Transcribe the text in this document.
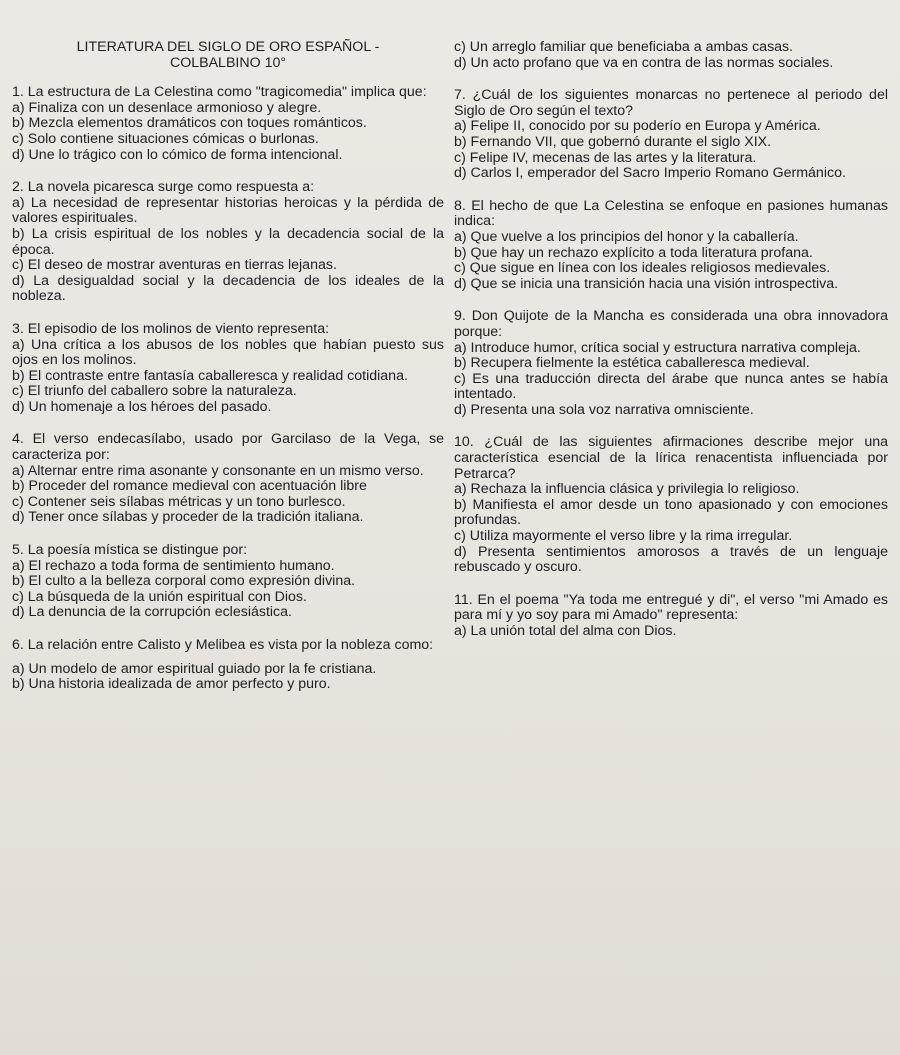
LITERATURA DEL SIGLO DE ORO ESPAÑOL -
COLBALBINO 10°
1. La estructura de La Celestina como "tragicomedia" implica que:
a) Finaliza con un desenlace armonioso y alegre.
b) Mezcla elementos dramáticos con toques románticos.
c) Solo contiene situaciones cómicas o burlonas.
d) Une lo trágico con lo cómico de forma intencional.
2. La novela picaresca surge como respuesta a:
a) La necesidad de representar historias heroicas y la pérdida de valores espirituales.
b) La crisis espiritual de los nobles y la decadencia social de la época.
c) El deseo de mostrar aventuras en tierras lejanas.
d) La desigualdad social y la decadencia de los ideales de la nobleza.
3. El episodio de los molinos de viento representa:
a) Una crítica a los abusos de los nobles que habían puesto sus ojos en los molinos.
b) El contraste entre fantasía caballeresca y realidad cotidiana.
c) El triunfo del caballero sobre la naturaleza.
d) Un homenaje a los héroes del pasado.
4. El verso endecasílabo, usado por Garcilaso de la Vega, se caracteriza por:
a) Alternar entre rima asonante y consonante en un mismo verso.
b) Proceder del romance medieval con acentuación libre
c) Contener seis sílabas métricas y un tono burlesco.
d) Tener once sílabas y proceder de la tradición italiana.
5. La poesía mística se distingue por:
a) El rechazo a toda forma de sentimiento humano.
b) El culto a la belleza corporal como expresión divina.
c) La búsqueda de la unión espiritual con Dios.
d) La denuncia de la corrupción eclesiástica.
6. La relación entre Calisto y Melibea es vista por la nobleza como:
a) Un modelo de amor espiritual guiado por la fe cristiana.
b) Una historia idealizada de amor perfecto y puro.
c) Un arreglo familiar que beneficiaba a ambas casas.
d) Un acto profano que va en contra de las normas sociales.
7. ¿Cuál de los siguientes monarcas no pertenece al periodo del Siglo de Oro según el texto?
a) Felipe II, conocido por su poderío en Europa y América.
b) Fernando VII, que gobernó durante el siglo XIX.
c) Felipe IV, mecenas de las artes y la literatura.
d) Carlos I, emperador del Sacro Imperio Romano Germánico.
8. El hecho de que La Celestina se enfoque en pasiones humanas indica:
a) Que vuelve a los principios del honor y la caballería.
b) Que hay un rechazo explícito a toda literatura profana.
c) Que sigue en línea con los ideales religiosos medievales.
d) Que se inicia una transición hacia una visión introspectiva.
9. Don Quijote de la Mancha es considerada una obra innovadora porque:
a) Introduce humor, crítica social y estructura narrativa compleja.
b) Recupera fielmente la estética caballeresca medieval.
c) Es una traducción directa del árabe que nunca antes se había intentado.
d) Presenta una sola voz narrativa omnisciente.
10. ¿Cuál de las siguientes afirmaciones describe mejor una característica esencial de la lírica renacentista influenciada por Petrarca?
a) Rechaza la influencia clásica y privilegia lo religioso.
b) Manifiesta el amor desde un tono apasionado y con emociones profundas.
c) Utiliza mayormente el verso libre y la rima irregular.
d) Presenta sentimientos amorosos a través de un lenguaje rebuscado y oscuro.
11. En el poema "Ya toda me entregué y di", el verso "mi Amado es para mí y yo soy para mi Amado" representa:
a) La unión total del alma con Dios.
